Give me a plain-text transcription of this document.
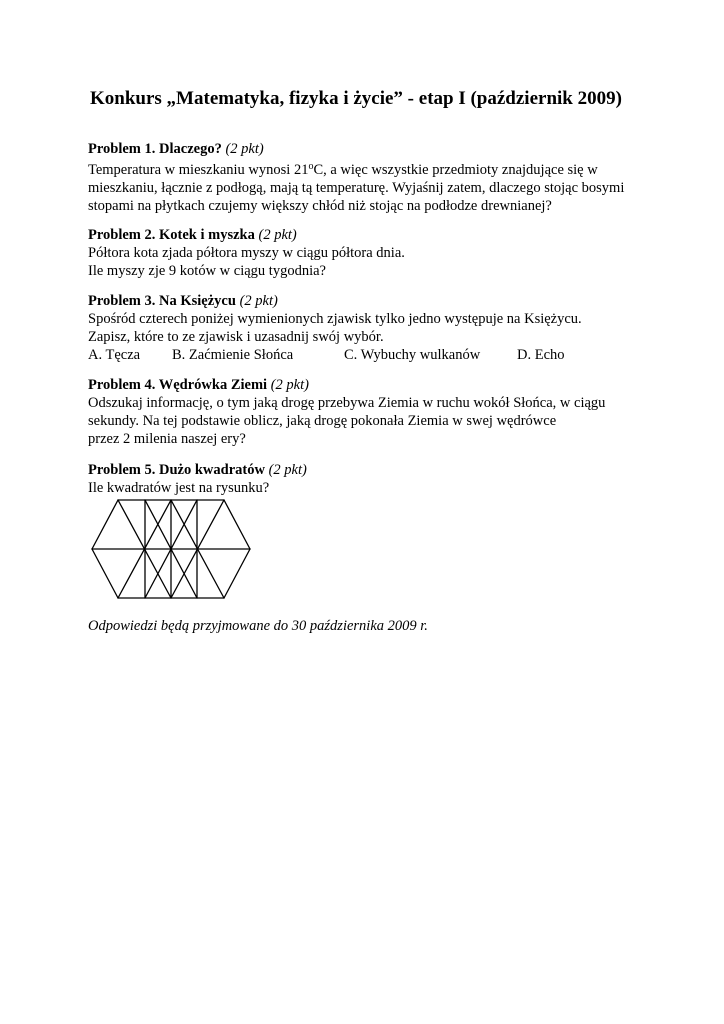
Konkurs „Matematyka, fizyka i życie” - etap I (październik 2009)
Problem 1. Dlaczego? (2 pkt)
Temperatura w mieszkaniu wynosi 21$^o$C, a więc wszystkie przedmioty znajdujące się w
mieszkaniu, łącznie z podłogą, mają tą temperaturę. Wyjaśnij zatem, dlaczego stojąc bosymi
stopami na płytkach czujemy większy chłód niż stojąc na podłodze drewnianej?
Problem 2. Kotek i myszka (2 pkt)
Półtora kota zjada półtora myszy w ciągu półtora dnia.
Ile myszy zje 9 kotów w ciągu tygodnia?
Problem 3. Na Księżycu (2 pkt)
Spośród czterech poniżej wymienionych zjawisk tylko jedno występuje na Księżycu.
Zapisz, które to ze zjawisk i uzasadnij swój wybór.
A. Tęcza B. Zaćmienie Słońca	C. Wybuchy wulkanów	D. Echo
Problem 4. Wędrówka Ziemi (2 pkt)
Odszukaj informację, o tym jaką drogę przebywa Ziemia w ruchu wokół Słońca, w ciągu
sekundy. Na tej podstawie oblicz, jaką drogę pokonała Ziemia w swej wędrówce
przez 2 milenia naszej ery?
Problem 5. Dużo kwadratów (2 pkt)
Ile kwadratów jest na rysunku?
Odpowiedzi będą przyjmowane do 30 października 2009 r.
